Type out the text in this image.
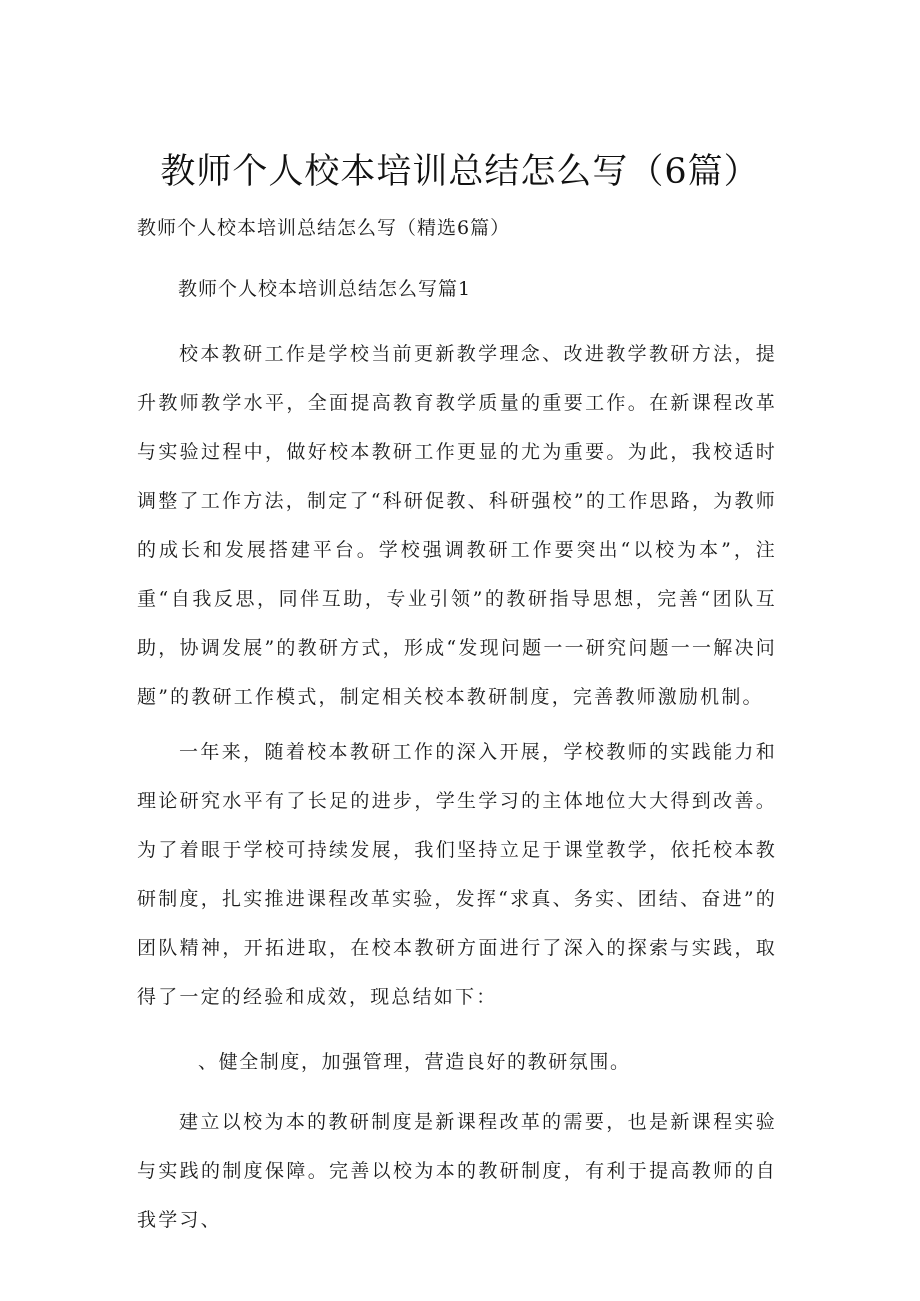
教师个人校本培训总结怎么写（6篇）
教师个人校本培训总结怎么写（精选6篇）
教师个人校本培训总结怎么写篇1

校本教研工作是学校当前更新教学理念、改进教学教研方法，提升教师教学水平，全面提高教育教学质量的重要工作。在新课程改革与实验过程中，做好校本教研工作更显的尤为重要。为此，我校适时调整了工作方法，制定了“科研促教、科研强校”的工作思路，为教师的成长和发展搭建平台。学校强调教研工作要突出“以校为本”，注重“自我反思，同伴互助，专业引领”的教研指导思想，完善“团队互助，协调发展”的教研方式，形成“发现问题一一研究问题一一解决问题”的教研工作模式，制定相关校本教研制度，完善教师激励机制。

一年来，随着校本教研工作的深入开展，学校教师的实践能力和理论研究水平有了长足的进步，学生学习的主体地位大大得到改善。为了着眼于学校可持续发展，我们坚持立足于课堂教学，依托校本教研制度，扎实推进课程改革实验，发挥“求真、务实、团结、奋进”的团队精神，开拓进取，在校本教研方面进行了深入的探索与实践，取得了一定的经验和成效，现总结如下：

、健全制度，加强管理，营造良好的教研氛围。

建立以校为本的教研制度是新课程改革的需要，也是新课程实验与实践的制度保障。完善以校为本的教研制度，有利于提高教师的自我学习、
